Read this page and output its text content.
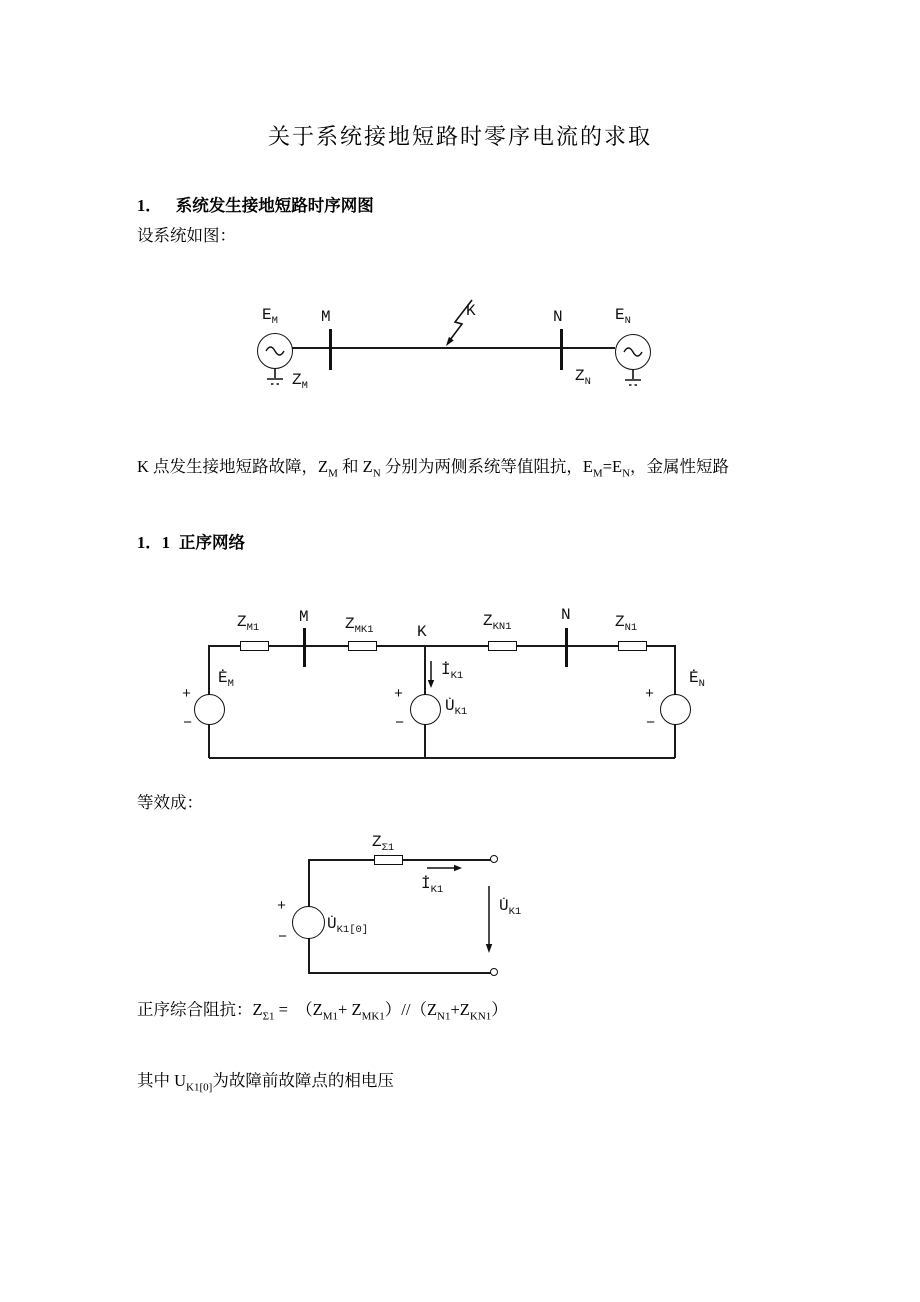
关于系统接地短路时零序电流的求取
1． 系统发生接地短路时序网图
设系统如图：
K 点发生接地短路故障，$Z_M$ 和 $Z_N$ 分别为两侧系统等值阻抗，$E_M=E_N$，金属性短路
1．1 正序网络
等效成：
正序综合阻抗：$Z_{\Sigma 1} = (Z_{M1}+ Z_{MK1})//(Z_{N1}+Z_{KN1})$
其中 $U_{K1[0]}$为故障前故障点的相电压
$E_M$	M
$Z_M$
K	N
$Z_N$
$E_N$
$Z_{M1}$
M $Z_{MK1}$	K
$Z_{KN1}$
N	$Z_{N1}$
$Ė_M$
$İ_{K1}$
$U̇_{K1}$
$Ė_N$
+
−
+
−
+
−
$Z_{\Sigma 1}$
$U̇_{K1[0]}$
+
−
$İ_{K1}$
$U̇_{K1}$
